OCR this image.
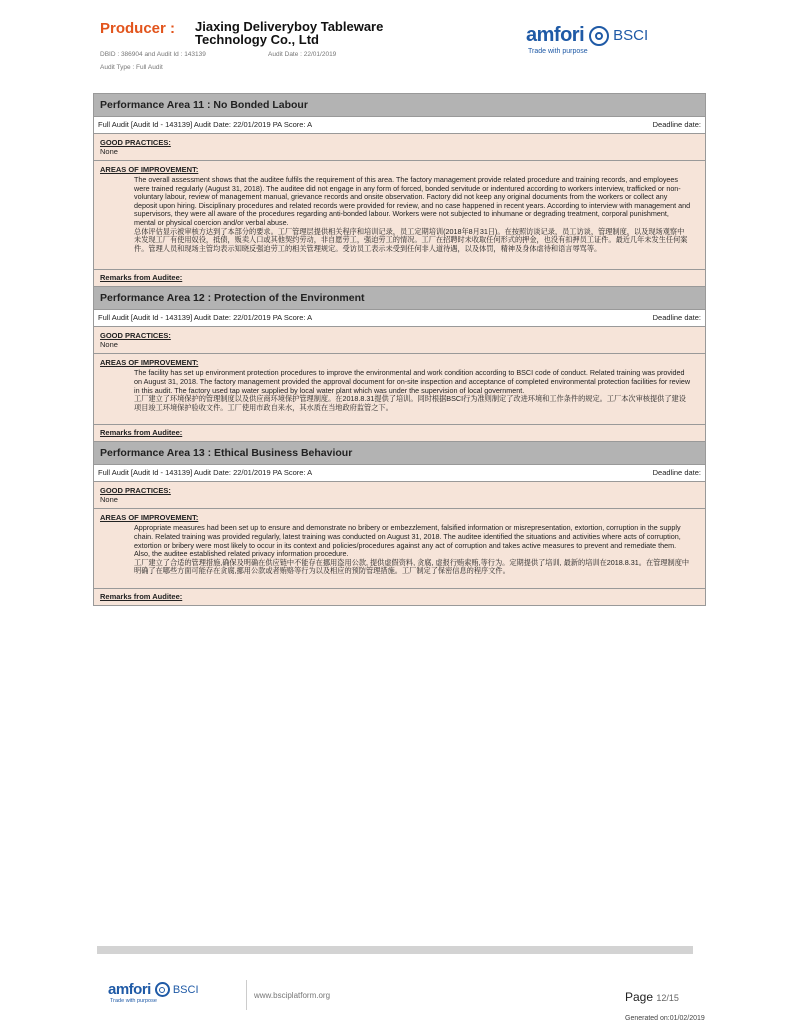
Producer : Jiaxing Deliveryboy Tableware
Technology Co., Ltd
DBID : 386904 and Audit Id : 143139	Audit Date : 22/01/2019
Audit Type : Full Audit
amfori BSCI
Trade with purpose
Performance Area 11 : No Bonded Labour
Full Audit [Audit Id - 143139] Audit Date: 22/01/2019 PA Score: A	Deadline date:
GOOD PRACTICES:
None
AREAS OF IMPROVEMENT:
The overall assessment shows that the auditee fulfils the requirement of this area. The factory management provide related procedure and training records, and employees were trained regularly (August 31, 2018). The auditee did not engage in any form of forced, bonded servitude or indentured according to workers interview, trafficked or non-voluntary labour, review of management manual, grievance records and onsite observation. Factory did not keep any original documents from the workers or collect any deposit upon hiring. Disciplinary procedures and related records were provided for review, and no case happened in recent years. According to interview with management and supervisors, they were all aware of the procedures regarding anti-bonded labour. Workers were not subjected to inhumane or degrading treatment, corporal punishment, mental or physical coercion and/or verbal abuse.
总体评估显示被审核方达到了本部分的要求。工厂管理层提供相关程序和培训记录，员工定期培训(2018年8月31日)。在按照访谈记录，员工访谈，管理制度，以及现场观察中未发现工厂有使用奴役，抵债，贩卖人口或其他契约劳动，非自愿劳工，强迫劳工的情况。工厂在招聘时未收取任何形式的押金，也没有扣押员工证件。最近几年未发生任何案件。管理人员和现场主管均表示知晓反强迫劳工的相关管理规定。受访员工表示未受到任何非人道待遇，以及体罚，精神及身体虐待和语言辱骂等。
Remarks from Auditee:
Performance Area 12 : Protection of the Environment
Full Audit [Audit Id - 143139] Audit Date: 22/01/2019 PA Score: A	Deadline date:
GOOD PRACTICES:
None
AREAS OF IMPROVEMENT:
The facility has set up environment protection procedures to improve the environmental and work condition according to BSCI code of conduct. Related training was provided on August 31, 2018. The factory management provided the approval document for on-site inspection and acceptance of completed environmental protection facilities for review in this audit. The factory used tap water supplied by local water plant which was under the supervision of local government.
工厂建立了环境保护的管理制度以及供应商环境保护管理制度。在2018.8.31提供了培训。同时根据BSCI行为准则制定了改进环境和工作条件的规定。工厂本次审核提供了建设项目竣工环境保护验收文件。工厂使用市政自来水，其水质在当地政府监管之下。
Remarks from Auditee:
Performance Area 13 : Ethical Business Behaviour
Full Audit [Audit Id - 143139] Audit Date: 22/01/2019 PA Score: A	Deadline date:
GOOD PRACTICES:
None
AREAS OF IMPROVEMENT:
Appropriate measures had been set up to ensure and demonstrate no bribery or embezzlement, falsified information or misrepresentation, extortion, corruption in the supply chain. Related training was provided regularly, latest training was conducted on August 31, 2018. The auditee identified the situations and activities where acts of corruption, extortion or bribery were most likely to occur in its context and policies/procedures against any act of corruption and takes active measures to prevent and remediate them. Also, the auditee established related privacy information procedure.
工厂建立了合适的管理措施,确保及明确在供应链中不能存在挪用盗用公款, 提供虚假资料, 贪腐, 虚报行贿索贿,等行为。定期提供了培训, 最新的培训在2018.8.31。在管理制度中明确了在哪些方面可能存在贪腐,挪用公款或者贿赂等行为以及相应的预防管理措施。工厂制定了保密信息的程序文件。
Remarks from Auditee:
amfori BSCI
Trade with purpose
www.bsciplatform.org	Page 12/15
Generated on:01/02/2019
